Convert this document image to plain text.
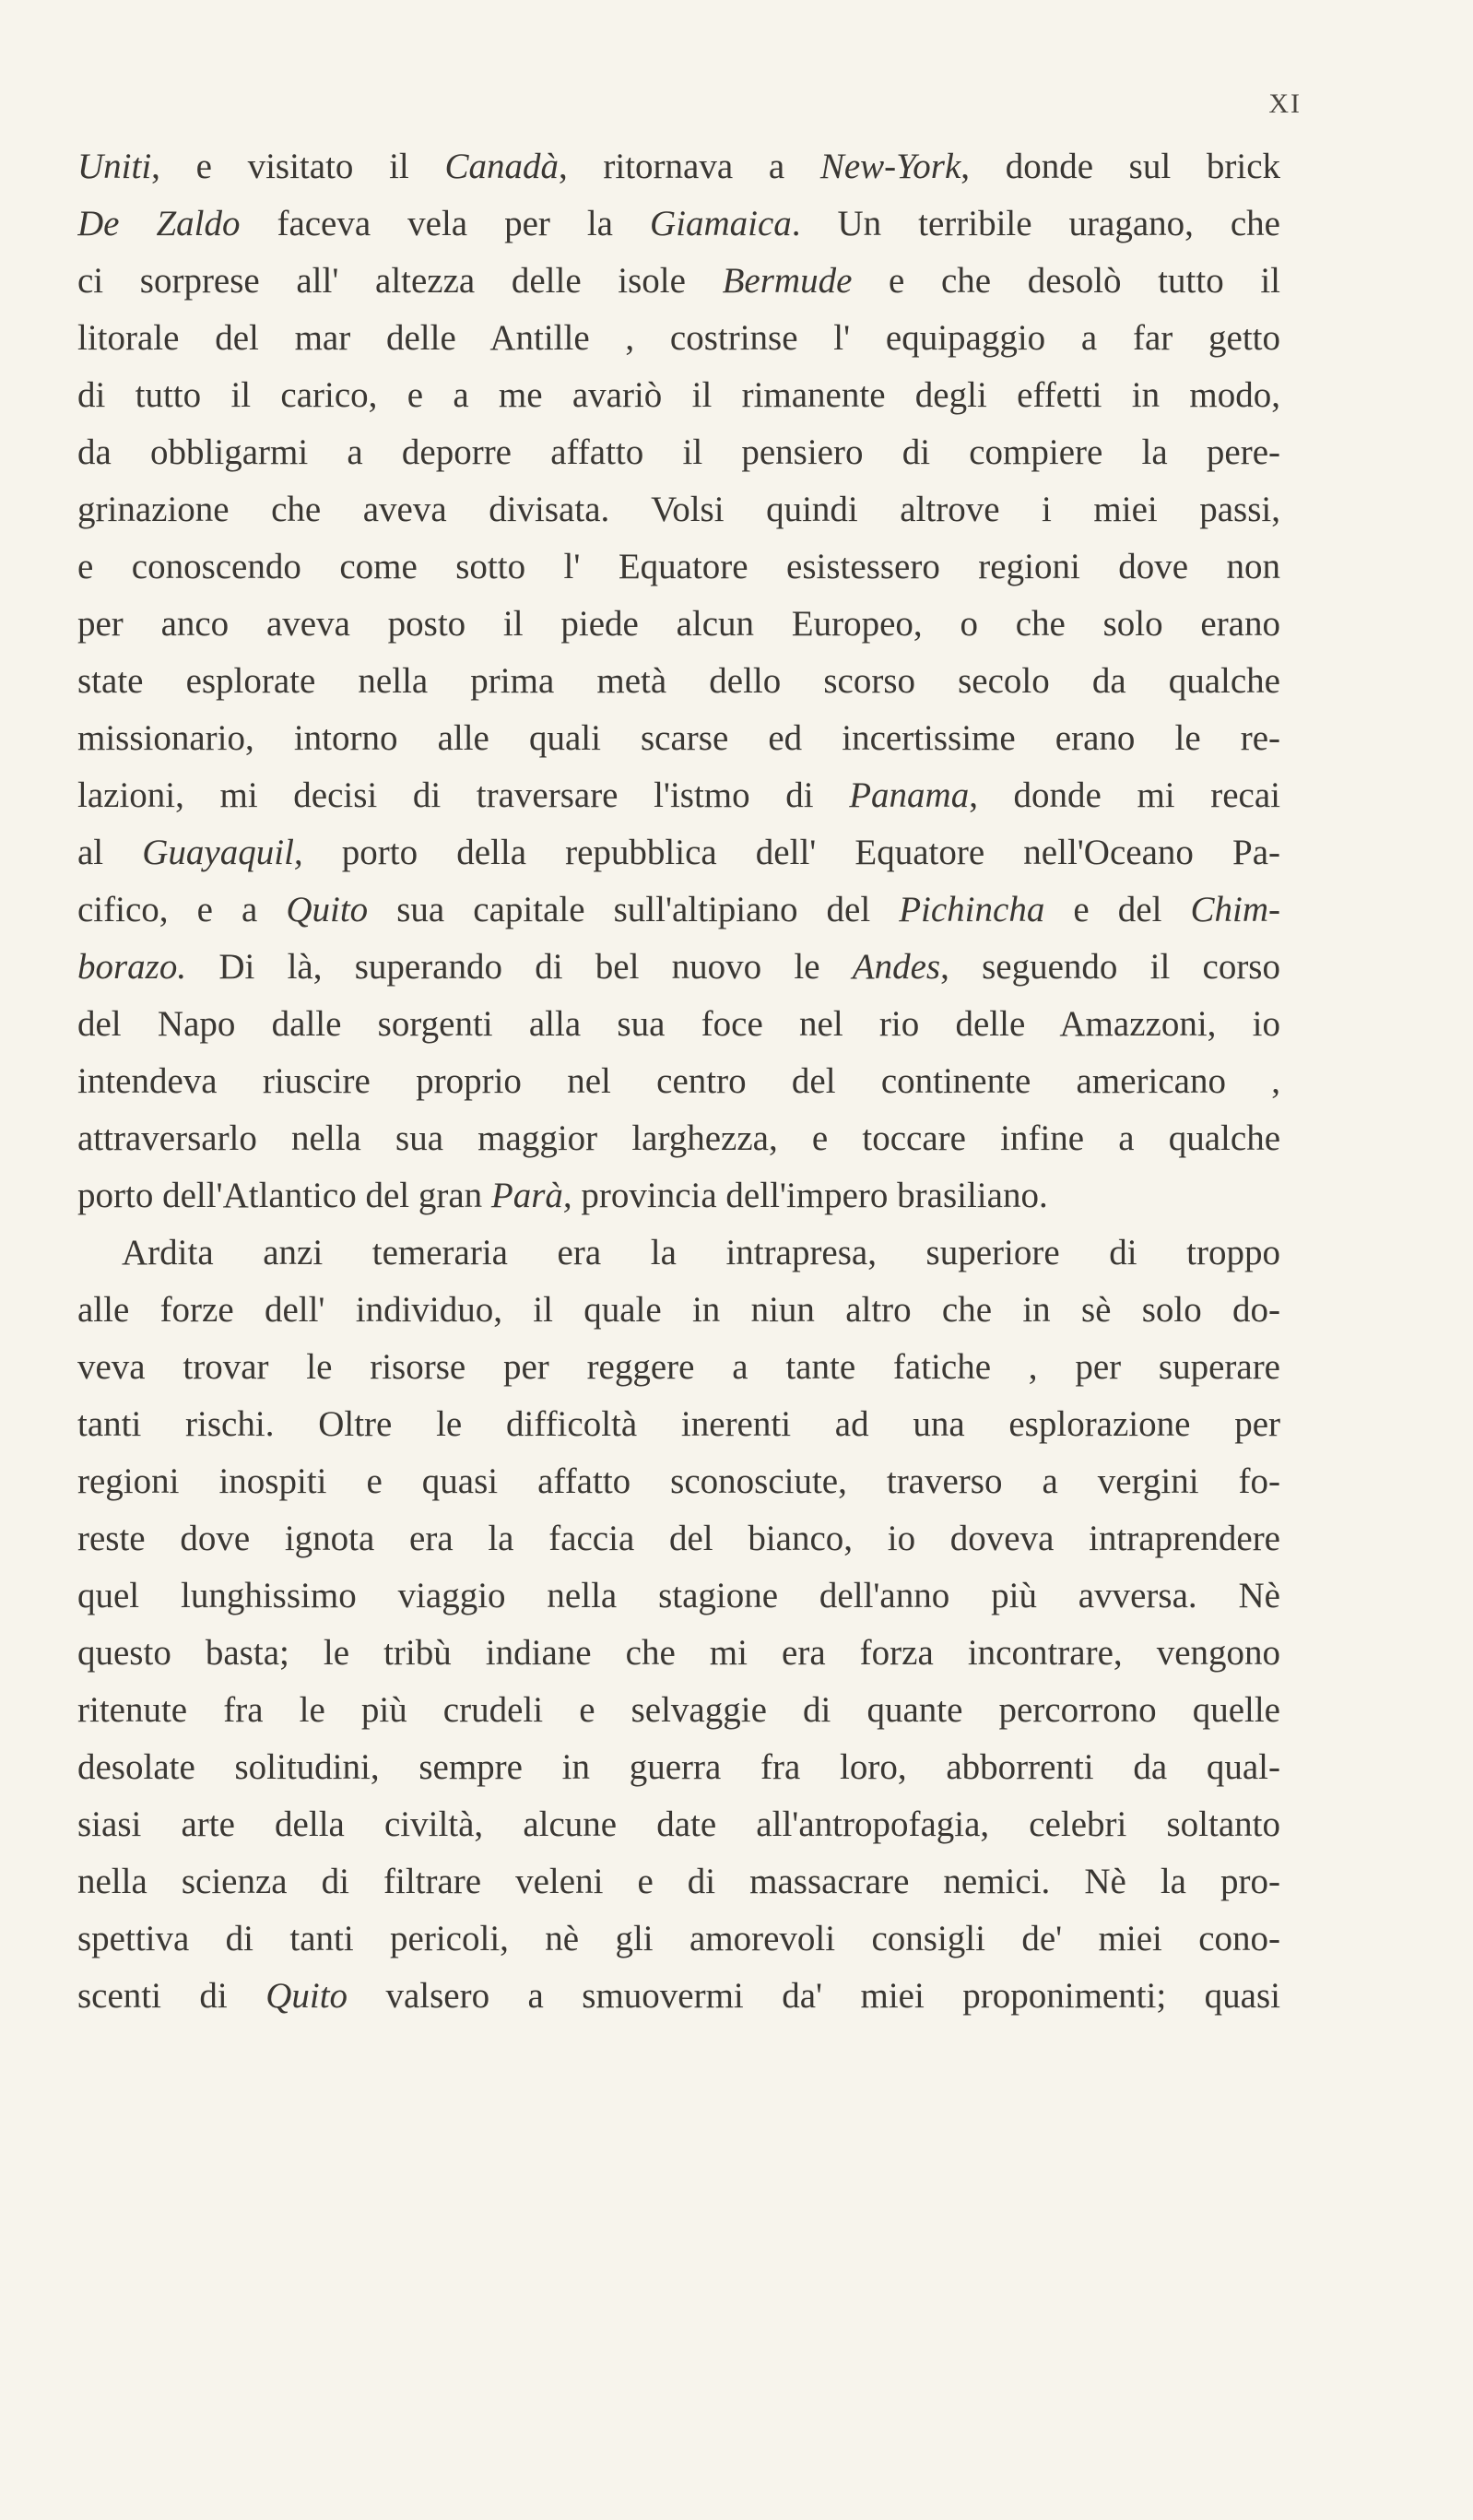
XI
Uniti, e visitato il Canadà, ritornava a New-York, donde sul brick
De Zaldo faceva vela per la Giamaica. Un terribile uragano, che
ci sorprese all' altezza delle isole Bermude e che desolò tutto il
litorale del mar delle Antille , costrinse l' equipaggio a far getto
di tutto il carico, e a me avariò il rimanente degli effetti in modo,
da obbligarmi a deporre affatto il pensiero di compiere la pere-
grinazione che aveva divisata. Volsi quindi altrove i miei passi,
e conoscendo come sotto l' Equatore esistessero regioni dove non
per anco aveva posto il piede alcun Europeo, o che solo erano
state esplorate nella prima metà dello scorso secolo da qualche
missionario, intorno alle quali scarse ed incertissime erano le re-
lazioni, mi decisi di traversare l'istmo di Panama, donde mi recai
al Guayaquil, porto della repubblica dell' Equatore nell'Oceano Pa-
cifico, e a Quito sua capitale sull'altipiano del Pichincha e del Chim-
borazo. Di là, superando di bel nuovo le Andes, seguendo il corso
del Napo dalle sorgenti alla sua foce nel rio delle Amazzoni, io
intendeva riuscire proprio nel centro del continente americano ,
attraversarlo nella sua maggior larghezza, e toccare infine a qualche
porto dell'Atlantico del gran Parà, provincia dell'impero brasiliano.
Ardita anzi temeraria era la intrapresa, superiore di troppo
alle forze dell' individuo, il quale in niun altro che in sè solo do-
veva trovar le risorse per reggere a tante fatiche , per superare
tanti rischi. Oltre le difficoltà inerenti ad una esplorazione per
regioni inospiti e quasi affatto sconosciute, traverso a vergini fo-
reste dove ignota era la faccia del bianco, io doveva intraprendere
quel lunghissimo viaggio nella stagione dell'anno più avversa. Nè
questo basta; le tribù indiane che mi era forza incontrare, vengono
ritenute fra le più crudeli e selvaggie di quante percorrono quelle
desolate solitudini, sempre in guerra fra loro, abborrenti da qual-
siasi arte della civiltà, alcune date all'antropofagia, celebri soltanto
nella scienza di filtrare veleni e di massacrare nemici. Nè la pro-
spettiva di tanti pericoli, nè gli amorevoli consigli de' miei cono-
scenti di Quito valsero a smuovermi da' miei proponimenti; quasi
